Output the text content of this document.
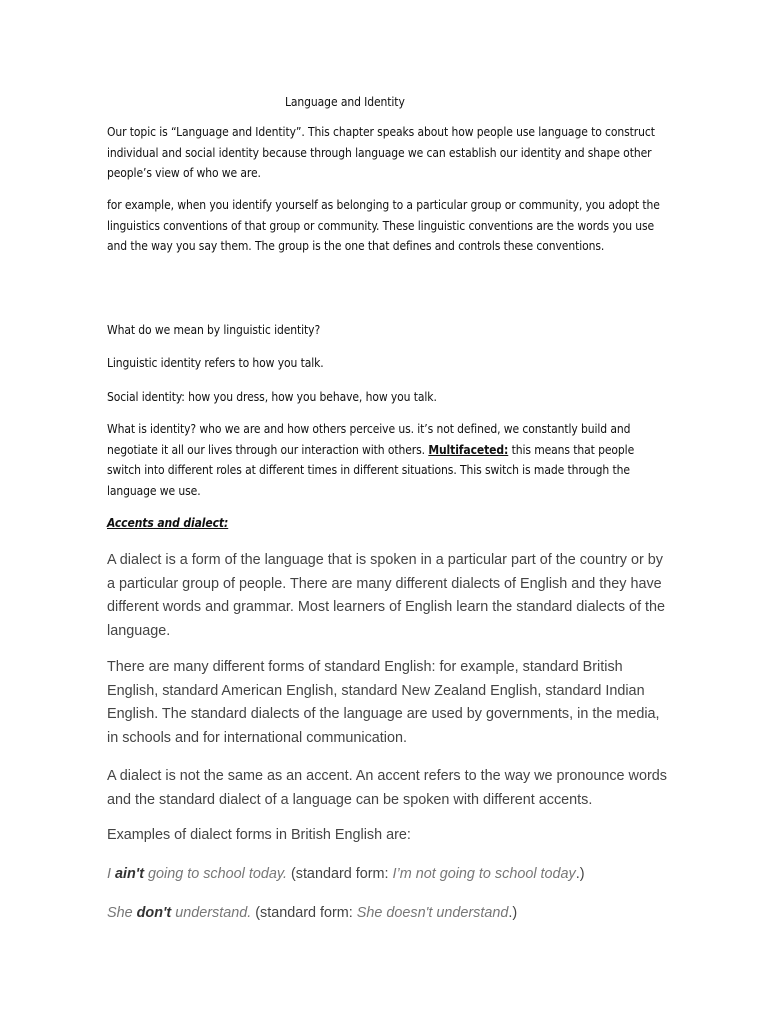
Language and Identity

Our topic is “Language and Identity”. This chapter speaks about how people use language to construct individual and social identity because through language we can establish our identity and shape other people’s view of who we are.

for example, when you identify yourself as belonging to a particular group or community, you adopt the linguistics conventions of that group or community. These linguistic conventions are the words you use and the way you say them. The group is the one that defines and controls these conventions.

What do we mean by linguistic identity?

Linguistic identity refers to how you talk.

Social identity: how you dress, how you behave, how you talk.

What is identity? who we are and how others perceive us. it’s not defined, we constantly build and negotiate it all our lives through our interaction with others. Multifaceted: this means that people switch into different roles at different times in different situations. This switch is made through the language we use.

Accents and dialect:

A dialect is a form of the language that is spoken in a particular part of the country or by a particular group of people. There are many different dialects of English and they have different words and grammar. Most learners of English learn the standard dialects of the language.

There are many different forms of standard English: for example, standard British English, standard American English, standard New Zealand English, standard Indian English. The standard dialects of the language are used by governments, in the media, in schools and for international communication.

A dialect is not the same as an accent. An accent refers to the way we pronounce words and the standard dialect of a language can be spoken with different accents.

Examples of dialect forms in British English are:

I ain't going to school today. (standard form: I’m not going to school today.)

She don't understand. (standard form: She doesn't understand.)
